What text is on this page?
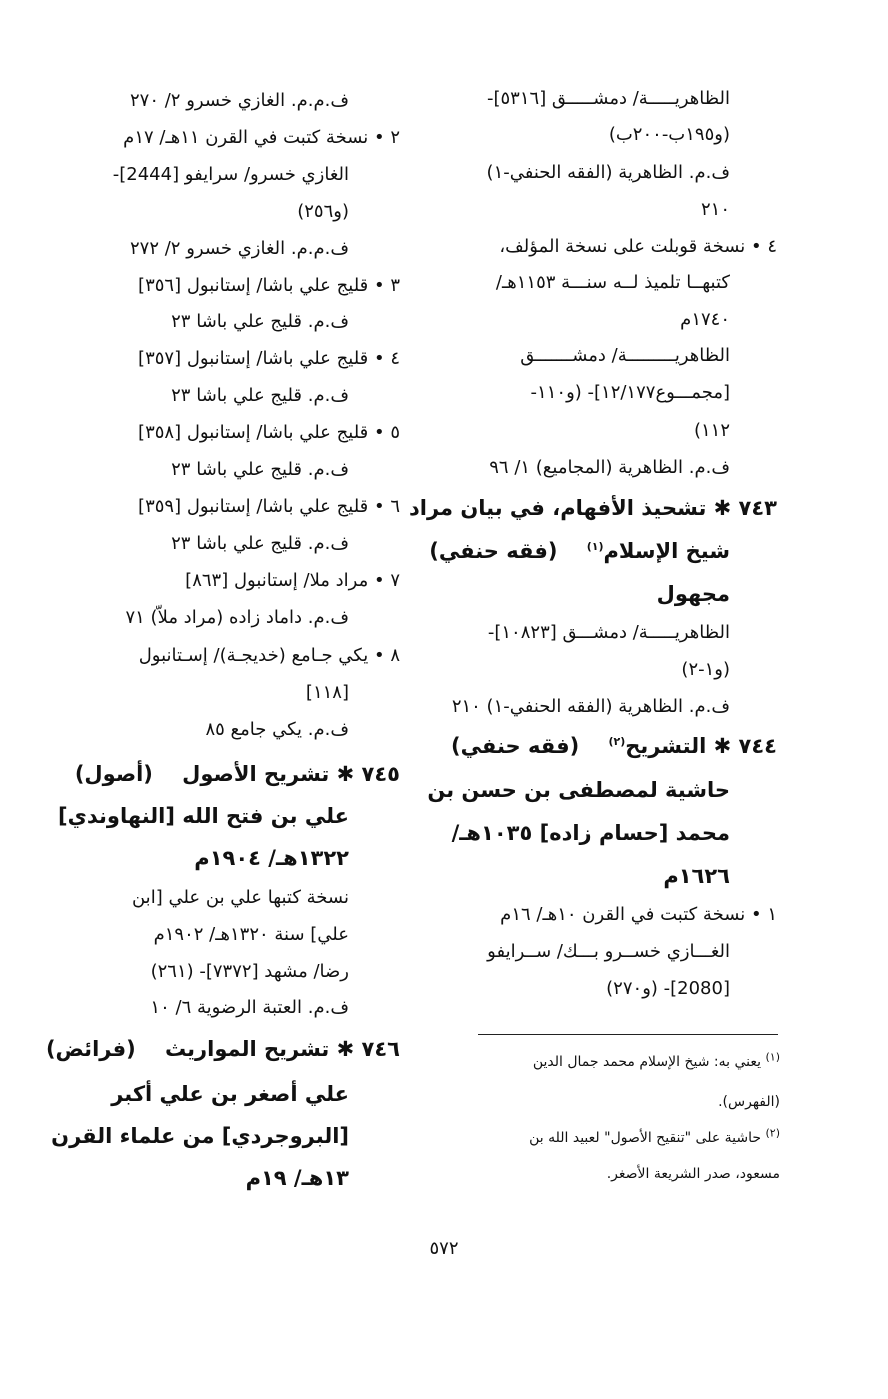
الظاهريـــــة/ دمشـــــق [٥٣١٦]-
(و١٩٥ب-٢٠٠ب)
ف.م. الظاهرية (الفقه الحنفي-١)
٢١٠
٤ • نسخة قوبلت على نسخة المؤلف،
كتبهــا تلميذ لــه سنـــة ١١٥٣هـ/
١٧٤٠م
الظاهريـــــــــة/ دمشـــــــق
[مجمـــوع١٢/١٧٧]- (و١١٠-
١١٢)
ف.م. الظاهرية (المجاميع) ١/ ٩٦
٧٤٣ ✱ تشحيذ الأفهام، في بيان مراد
شيخ الإسلام$^{(١)}$    (فقه حنفي)
مجهول
الظاهريـــــة/ دمشـــق [١٠٨٢٣]-
(و١-٢)
ف.م. الظاهرية (الفقه الحنفي-١) ٢١٠
٧٤٤ ✱ التشريح$^{(٢)}$    (فقه حنفي)
حاشية لمصطفى بن حسن بن
محمد [حسام زاده] ١٠٣٥هـ/
١٦٢٦م
١ • نسخة كتبت في القرن ١٠هـ/ ١٦م
الغـــازي خســرو بـــك/ ســرايفو
[2080]- (و٢٧٠)
ف.م.م. الغازي خسرو ٢/ ٢٧٠
٢ • نسخة كتبت في القرن ١١هـ/ ١٧م
الغازي خسرو/ سرايفو [2444]-
(و٢٥٦)
ف.م.م. الغازي خسرو ٢/ ٢٧٢
٣ • قليج علي باشا/ إستانبول [٣٥٦]
ف.م. قليج علي باشا ٢٣
٤ • قليج علي باشا/ إستانبول [٣٥٧]
ف.م. قليج علي باشا ٢٣
٥ • قليج علي باشا/ إستانبول [٣٥٨]
ف.م. قليج علي باشا ٢٣
٦ • قليج علي باشا/ إستانبول [٣٥٩]
ف.م. قليج علي باشا ٢٣
٧ • مراد ملا/ إستانبول [٨٦٣]
ف.م. داماد زاده (مراد ملاّ) ٧١
٨ • يكي جـامع (خديجـة)/ إسـتانبول
[١١٨]
ف.م. يكي جامع ٨٥
٧٤٥ ✱ تشريح الأصول    (أصول)
علي بن فتح الله [النهاوندي]
١٣٢٢هـ/ ١٩٠٤م
نسخة كتبها علي بن علي [ابن
علي] سنة ١٣٢٠هـ/ ١٩٠٢م
رضا/ مشهد [٧٣٧٢]- (٢٦١)
ف.م. العتبة الرضوية ٦/ ١٠
٧٤٦ ✱ تشريح المواريث    (فرائض)
علي أصغر بن علي أكبر
[البروجردي] من علماء القرن
١٣هـ/ ١٩م
$^{(١)}$ يعني به: شيخ الإسلام محمد جمال الدين
(الفهرس).
$^{(٢)}$ حاشية على "تنقيح الأصول" لعبيد الله بن
مسعود، صدر الشريعة الأصغر.
٥٧٢
